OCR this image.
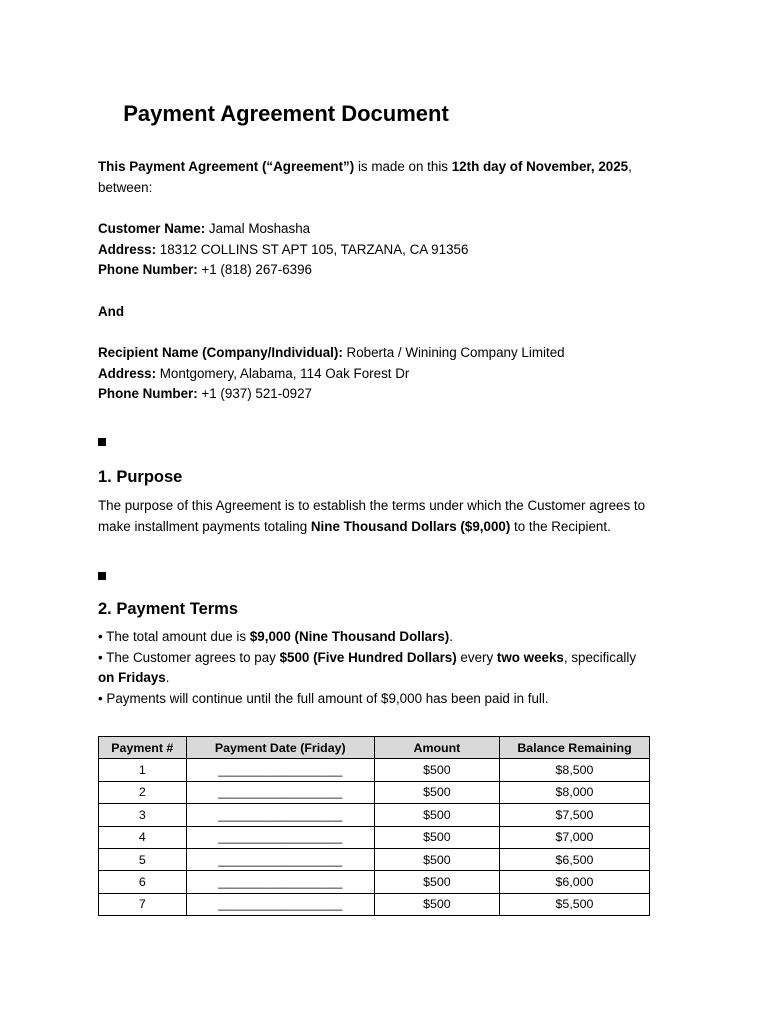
Payment Agreement Document

This Payment Agreement (“Agreement”) is made on this 12th day of November, 2025,

between:

Customer Name: Jamal Moshasha

Address: 18312 COLLINS ST APT 105, TARZANA, CA 91356

Phone Number: +1 (818) 267-6396

And

Recipient Name (Company/Individual): Roberta / Winining Company Limited

Address: Montgomery, Alabama, 114 Oak Forest Dr

Phone Number: +1 (937) 521-0927

1. Purpose

The purpose of this Agreement is to establish the terms under which the Customer agrees to

make installment payments totaling Nine Thousand Dollars ($9,000) to the Recipient.

2. Payment Terms

• The total amount due is $9,000 (Nine Thousand Dollars).

• The Customer agrees to pay $500 (Five Hundred Dollars) every two weeks, specifically

on Fridays.

• Payments will continue until the full amount of $9,000 has been paid in full.

Payment #	Payment Date (Friday)	Amount	Balance Remaining
1	__________________	$500	$8,500
2	__________________	$500	$8,000
3	__________________	$500	$7,500
4	__________________	$500	$7,000
5	__________________	$500	$6,500
6	__________________	$500	$6,000
7	__________________	$500	$5,500
